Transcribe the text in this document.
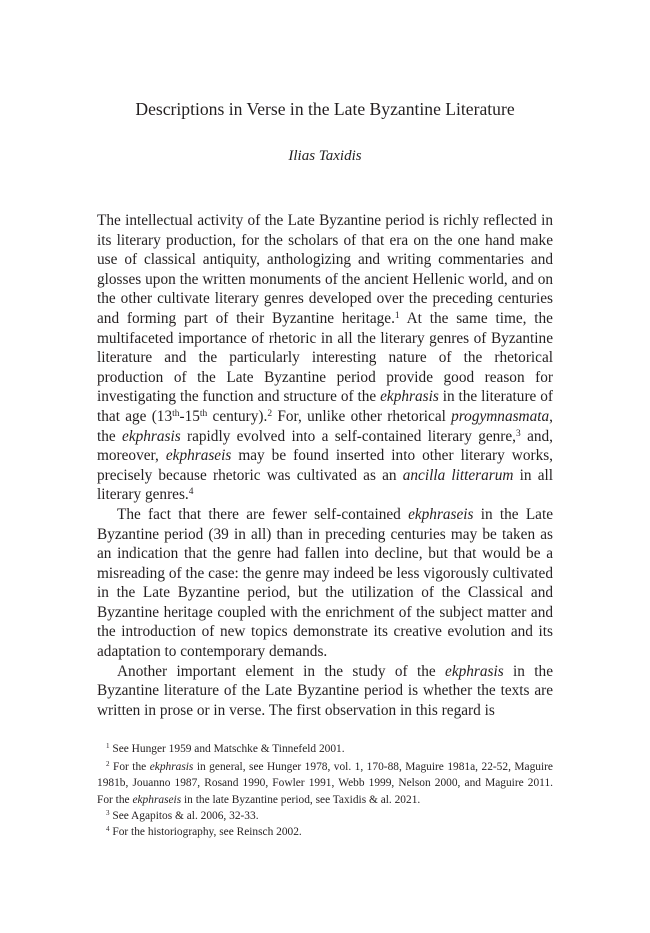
Descriptions in Verse in the Late Byzantine Literature
Ilias Taxidis

The intellectual activity of the Late Byzantine period is richly reflected in its literary production, for the scholars of that era on the one hand make use of classical antiquity, anthologizing and writing commentaries and glosses upon the written monuments of the ancient Hellenic world, and on the other cultivate literary genres developed over the preceding centuries and forming part of their Byzantine heritage.$^1$ At the same time, the multifaceted importance of rhetoric in all the literary genres of Byzantine literature and the particularly interesting nature of the rhetorical production of the Late Byzantine period provide good reason for investigating the function and structure of the ekphrasis in the literature of that age (13th-15th century).$^2$ For, unlike other rhetorical progymnasmata, the ekphrasis rapidly evolved into a self-contained literary genre,$^3$ and, moreover, ekphraseis may be found inserted into other literary works, precisely because rhetoric was cultivated as an ancilla litterarum in all literary genres.$^4$

The fact that there are fewer self-contained ekphraseis in the Late Byzantine period (39 in all) than in preceding centuries may be taken as an indication that the genre had fallen into decline, but that would be a misreading of the case: the genre may indeed be less vigorously cultivated in the Late Byzantine period, but the utilization of the Classical and Byzantine heritage coupled with the enrichment of the subject matter and the introduction of new topics demonstrate its creative evolution and its adaptation to contemporary demands.

Another important element in the study of the ekphrasis in the Byzantine literature of the Late Byzantine period is whether the texts are written in prose or in verse. The first observation in this regard is

$^1$ See Hunger 1959 and Matschke & Tinnefeld 2001.
$^2$ For the ekphrasis in general, see Hunger 1978, vol. 1, 170-88, Maguire 1981a, 22-52, Maguire 1981b, Jouanno 1987, Rosand 1990, Fowler 1991, Webb 1999, Nelson 2000, and Maguire 2011. For the ekphraseis in the late Byzantine period, see Taxidis & al. 2021.
$^3$ See Agapitos & al. 2006, 32-33.
$^4$ For the historiography, see Reinsch 2002.
